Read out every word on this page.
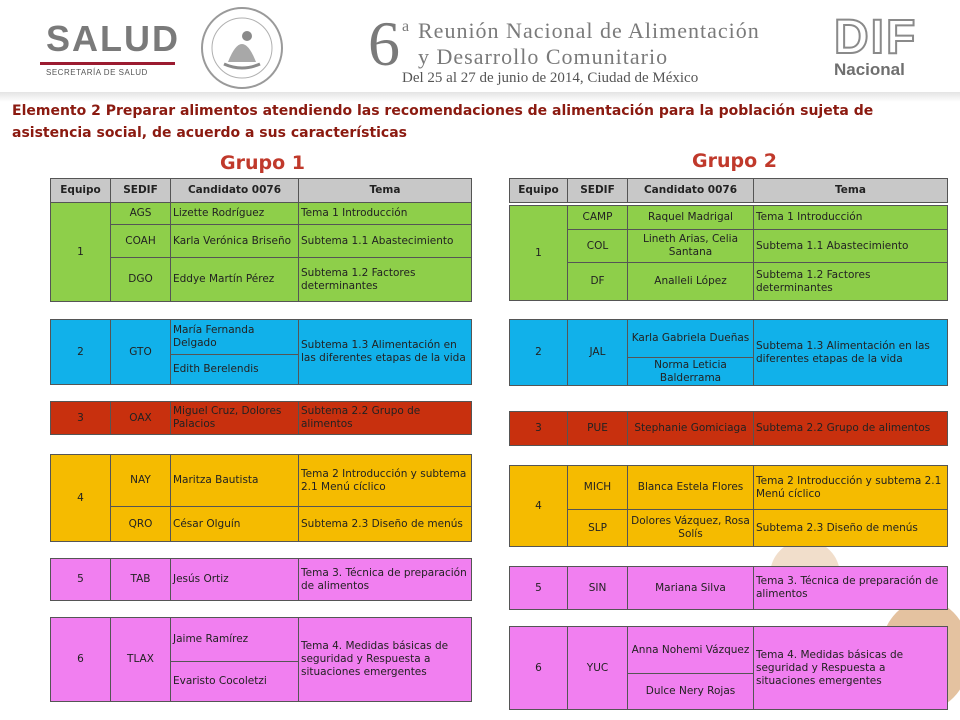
SALUD
SECRETARÍA DE SALUD	6 a Reunión Nacional de Alimentación
y Desarrollo Comunitario
Del 25 al 27 de junio de 2014, Ciudad de México
DIF
Nacional
Elemento 2 Preparar alimentos atendiendo las recomendaciones de alimentación para la población sujeta de asistencia social, de acuerdo a sus características
Grupo 1	Grupo 2
Equipo	SEDIF	Candidato 0076	Tema
1	AGS	Lizette Rodríguez	Tema 1 Introducción
	COAH	Karla Verónica Briseño	Subtema 1.1 Abastecimiento
	DGO	Eddye Martín Pérez	Subtema 1.2 Factores determinantes
2	GTO	María Fernanda Delgado	Subtema 1.3 Alimentación en las diferentes etapas de la vida
Edith Berelendis
3	OAX	Miguel Cruz, Dolores Palacios	Subtema 2.2 Grupo de alimentos
4	NAY	Maritza Bautista	Tema 2 Introducción y subtema 2.1 Menú cíclico
	QRO	César Olguín	Subtema 2.3 Diseño de menús
5	TAB	Jesús Ortiz	Tema 3. Técnica de preparación de alimentos
6	TLAX	Jaime Ramírez	Tema 4. Medidas básicas de seguridad y Respuesta a situaciones emergentes
Evaristo Cocoletzi
Equipo	SEDIF	Candidato 0076	Tema
1	CAMP	Raquel Madrigal	Tema 1 Introducción
	COL	Lineth Arias, Celia Santana	Subtema 1.1 Abastecimiento
	DF	Analleli López	Subtema 1.2 Factores determinantes
2	JAL	Karla Gabriela Dueñas	Subtema 1.3 Alimentación en las diferentes etapas de la vida
Norma Leticia Balderrama
3	PUE	Stephanie Gomiciaga	Subtema 2.2 Grupo de alimentos
4	MICH	Blanca Estela Flores	Tema 2 Introducción y subtema 2.1 Menú cíclico
	SLP	Dolores Vázquez, Rosa Solís	Subtema 2.3 Diseño de menús
5	SIN	Mariana Silva	Tema 3. Técnica de preparación de alimentos
6	YUC	Anna Nohemi Vázquez	Tema 4. Medidas básicas de seguridad y Respuesta a situaciones emergentes
Dulce Nery Rojas
